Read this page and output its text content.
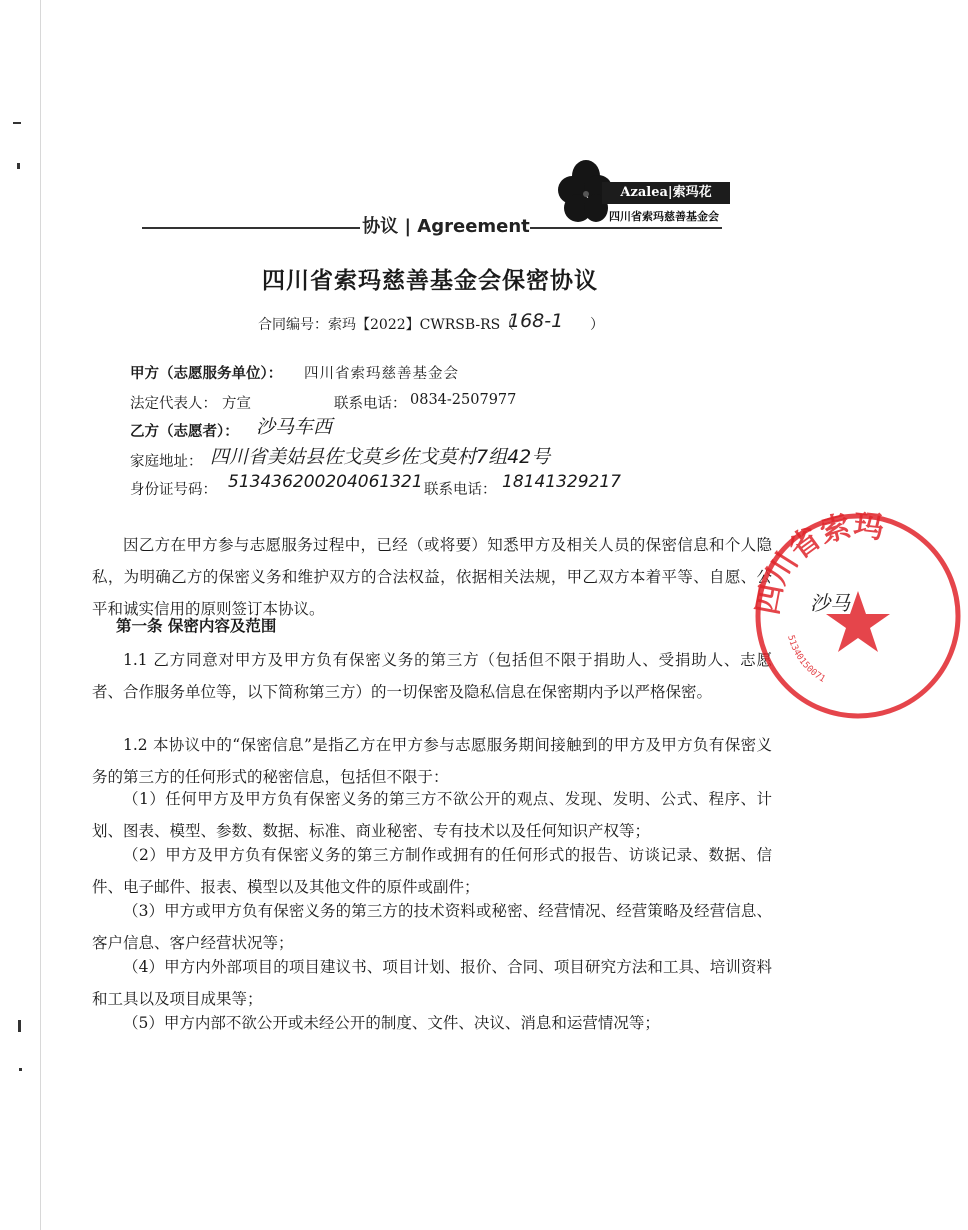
Azalea|索玛花
四川省索玛慈善基金会
协议 | Agreement
四川省索玛慈善基金会保密协议
合同编号：索玛【2022】CWRSB-RS（
168-1 ）
甲方（志愿服务单位）： 四川省索玛慈善基金会
法定代表人： 方宣	联系电话： 0834-2507977
乙方（志愿者）： 沙马车西
家庭地址： 四川省美姑县佐戈莫乡佐戈莫村7组42号
身份证号码： 513436200204061321 联系电话： 18141329217
因乙方在甲方参与志愿服务过程中，已经（或将要）知悉甲方及相关人员的保密信息和个人隐私，为明确乙方的保密义务和维护双方的合法权益，依据相关法规，甲乙双方本着平等、自愿、公平和诚实信用的原则签订本协议。
第一条 保密内容及范围
1.1 乙方同意对甲方及甲方负有保密义务的第三方（包括但不限于捐助人、受捐助人、志愿者、合作服务单位等，以下简称第三方）的一切保密及隐私信息在保密期内予以严格保密。
1.2 本协议中的“保密信息”是指乙方在甲方参与志愿服务期间接触到的甲方及甲方负有保密义务的第三方的任何形式的秘密信息，包括但不限于：
（1）任何甲方及甲方负有保密义务的第三方不欲公开的观点、发现、发明、公式、程序、计划、图表、模型、参数、数据、标准、商业秘密、专有技术以及任何知识产权等；
（2）甲方及甲方负有保密义务的第三方制作或拥有的任何形式的报告、访谈记录、数据、信件、电子邮件、报表、模型以及其他文件的原件或副件；
（3）甲方或甲方负有保密义务的第三方的技术资料或秘密、经营情况、经营策略及经营信息、客户信息、客户经营状况等；
（4）甲方内外部项目的项目建议书、项目计划、报价、合同、项目研究方法和工具、培训资料和工具以及项目成果等；
（5）甲方内部不欲公开或未经公开的制度、文件、决议、消息和运营情况等；
四川省索玛
沙马
51340150071
